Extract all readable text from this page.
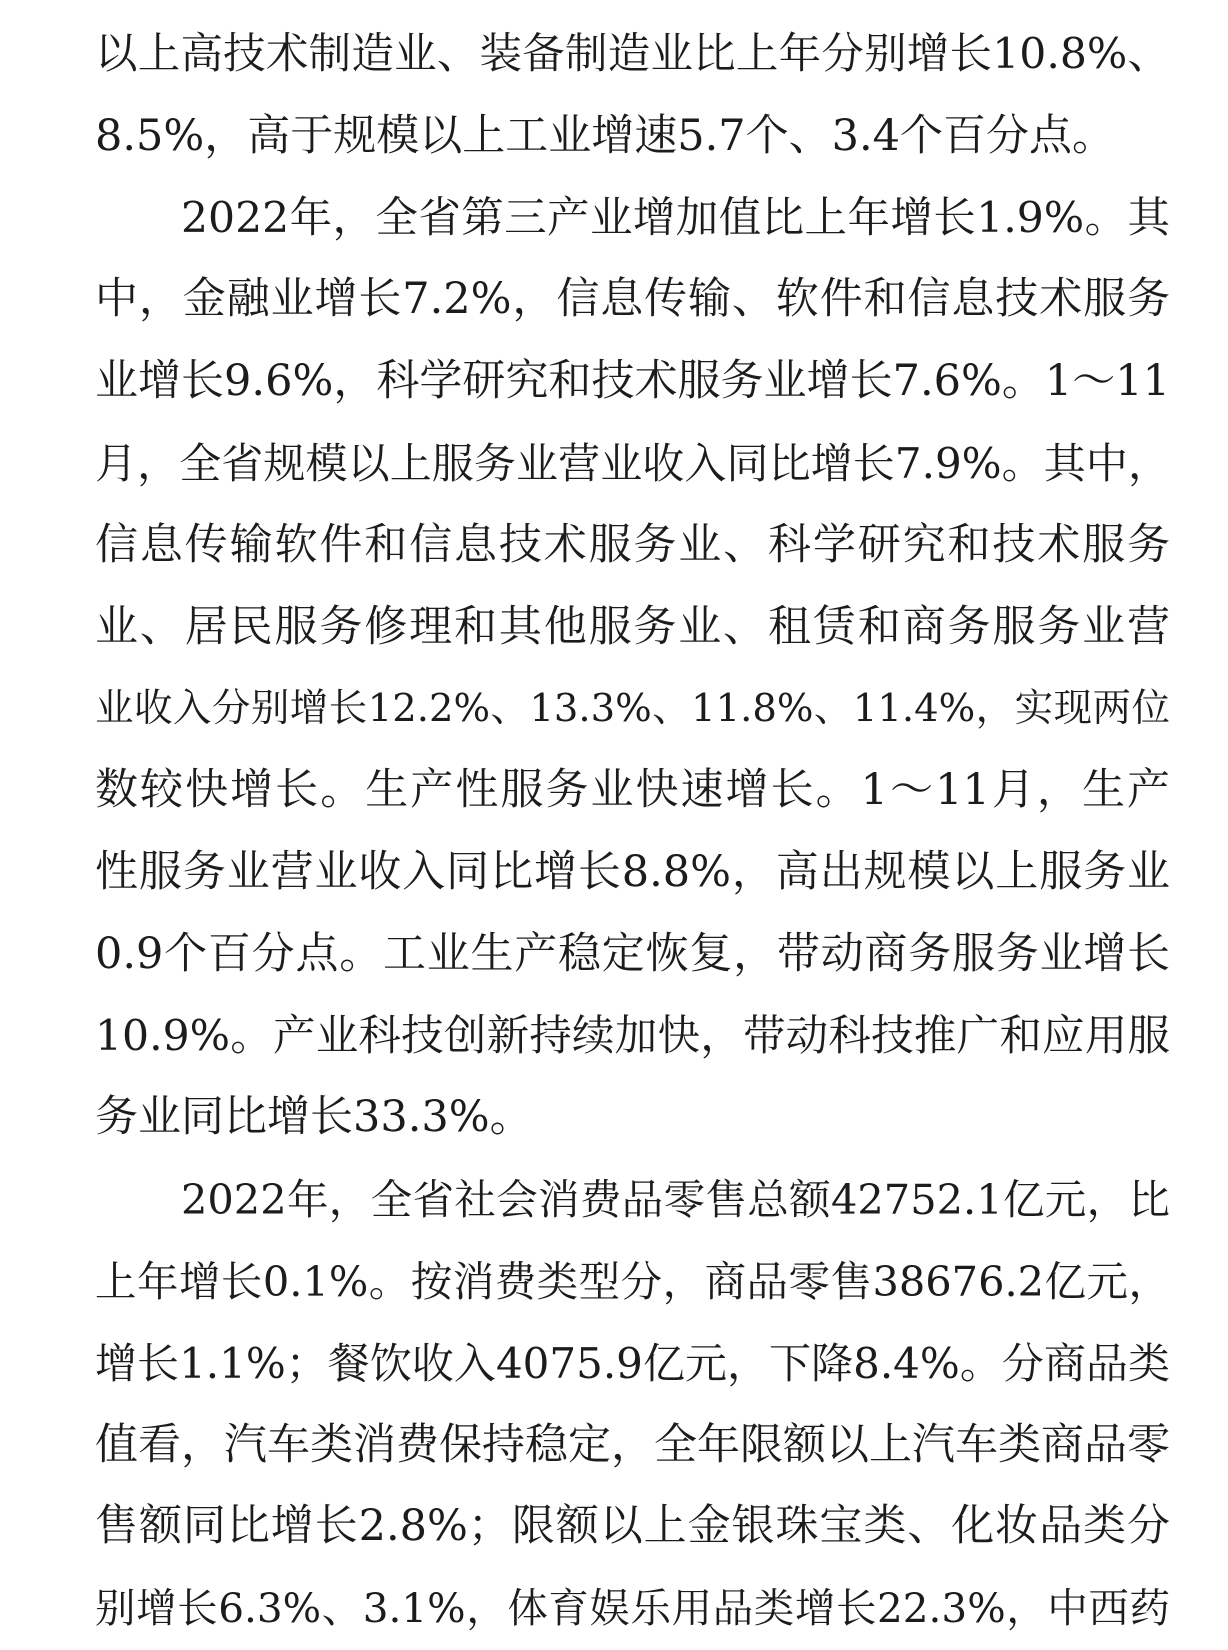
以上高技术制造业、装备制造业比上年分别增长10.8%、
8.5%，高于规模以上工业增速5.7个、3.4个百分点。
2022年，全省第三产业增加值比上年增长1.9%。其
中，金融业增长7.2%，信息传输、软件和信息技术服务
业增长9.6%，科学研究和技术服务业增长7.6%。1～11
月，全省规模以上服务业营业收入同比增长7.9%。其中，
信息传输软件和信息技术服务业、科学研究和技术服务
业、居民服务修理和其他服务业、租赁和商务服务业营
业收入分别增长12.2%、13.3%、11.8%、11.4%，实现两位
数较快增长。生产性服务业快速增长。1～11月，生产
性服务业营业收入同比增长8.8%，高出规模以上服务业
0.9个百分点。工业生产稳定恢复，带动商务服务业增长
10.9%。产业科技创新持续加快，带动科技推广和应用服
务业同比增长33.3%。
2022年，全省社会消费品零售总额42752.1亿元，比
上年增长0.1%。按消费类型分，商品零售38676.2亿元，
增长1.1%；餐饮收入4075.9亿元，下降8.4%。分商品类
值看，汽车类消费保持稳定，全年限额以上汽车类商品零
售额同比增长2.8%；限额以上金银珠宝类、化妆品类分
别增长6.3%、3.1%，体育娱乐用品类增长22.3%，中西药
